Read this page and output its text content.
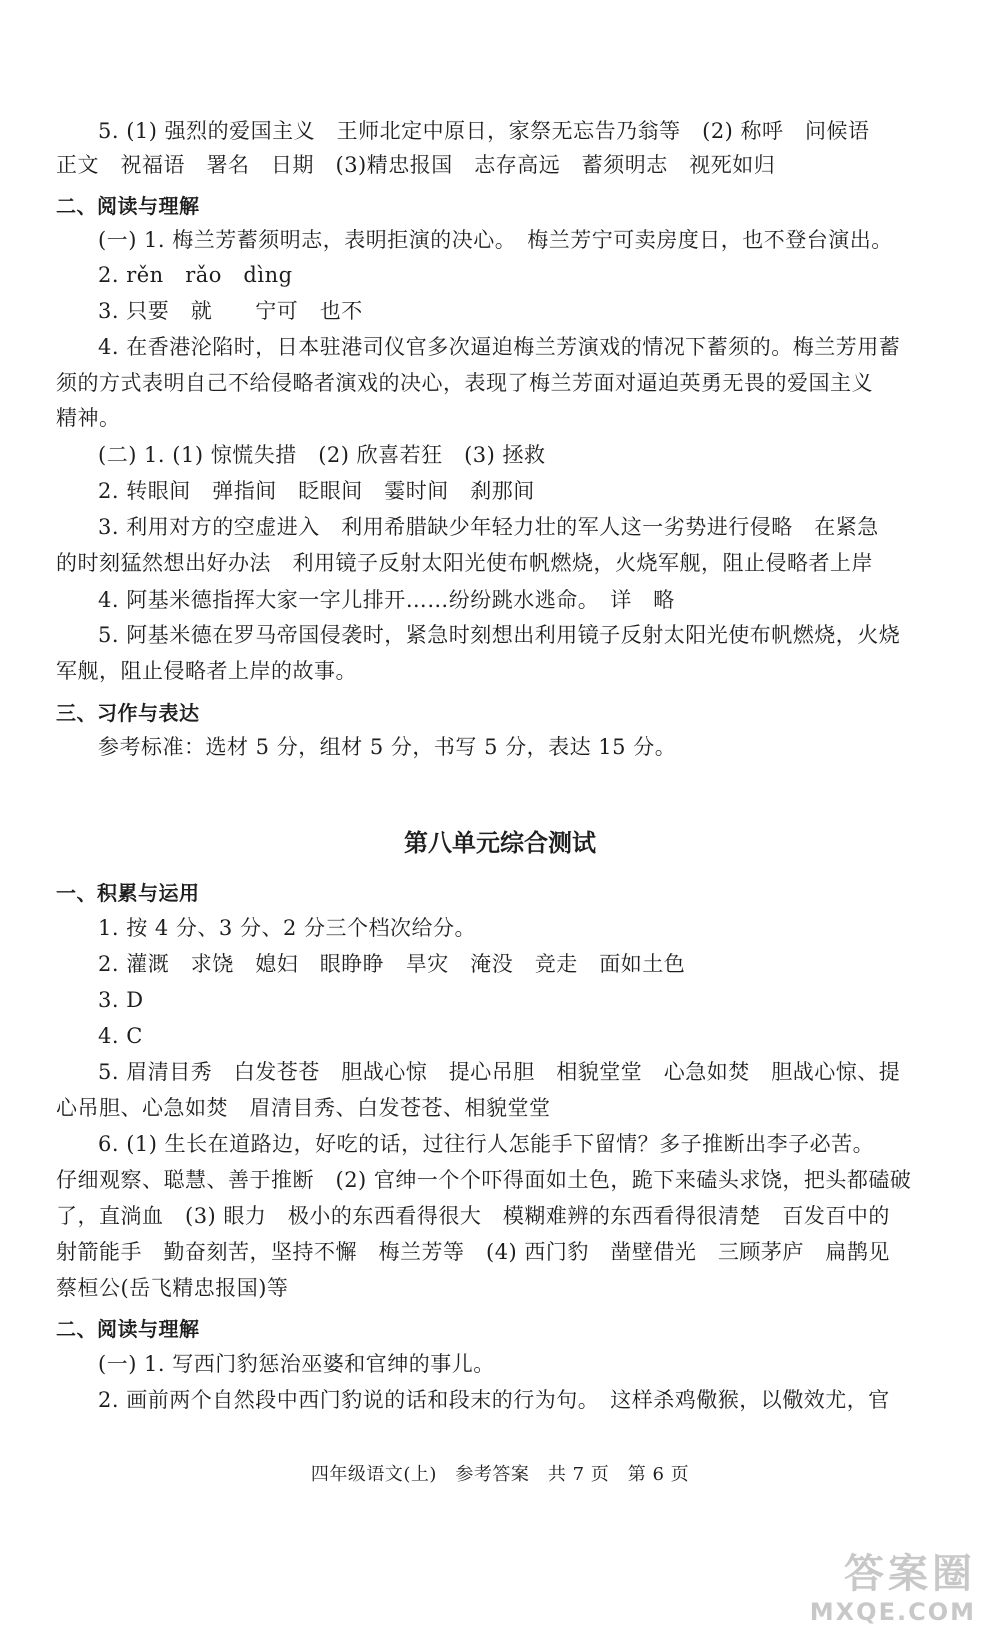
5. (1) 强烈的爱国主义　王师北定中原日，家祭无忘告乃翁等　(2) 称呼　问候语
正文　祝福语　署名　日期　(3)精忠报国　志存高远　蓄须明志　视死如归
二、阅读与理解
(一) 1. 梅兰芳蓄须明志，表明拒演的决心。　梅兰芳宁可卖房度日，也不登台演出。
2. rěn　rǎo　dìng
3. 只要　就　　宁可　也不
4. 在香港沦陷时，日本驻港司仪官多次逼迫梅兰芳演戏的情况下蓄须的。梅兰芳用蓄
须的方式表明自己不给侵略者演戏的决心，表现了梅兰芳面对逼迫英勇无畏的爱国主义
精神。
(二) 1. (1) 惊慌失措　(2) 欣喜若狂　(3) 拯救
2. 转眼间　弹指间　眨眼间　霎时间　刹那间
3. 利用对方的空虚进入　利用希腊缺少年轻力壮的军人这一劣势进行侵略　在紧急
的时刻猛然想出好办法　利用镜子反射太阳光使布帆燃烧，火烧军舰，阻止侵略者上岸
4. 阿基米德指挥大家一字儿排开……纷纷跳水逃命。　详　略
5. 阿基米德在罗马帝国侵袭时，紧急时刻想出利用镜子反射太阳光使布帆燃烧，火烧
军舰，阻止侵略者上岸的故事。
三、习作与表达
参考标准：选材 5 分，组材 5 分，书写 5 分，表达 15 分。
第八单元综合测试
一、积累与运用
1. 按 4 分、3 分、2 分三个档次给分。
2. 灌溉　求饶　媳妇　眼睁睁　旱灾　淹没　竞走　面如土色
3. D
4. C
5. 眉清目秀　白发苍苍　胆战心惊　提心吊胆　相貌堂堂　心急如焚　胆战心惊、提
心吊胆、心急如焚　眉清目秀、白发苍苍、相貌堂堂
6. (1) 生长在道路边，好吃的话，过往行人怎能手下留情？多子推断出李子必苦。
仔细观察、聪慧、善于推断　(2) 官绅一个个吓得面如土色，跪下来磕头求饶，把头都磕破
了，直淌血　(3) 眼力　极小的东西看得很大　模糊难辨的东西看得很清楚　百发百中的
射箭能手　勤奋刻苦，坚持不懈　梅兰芳等　(4) 西门豹　凿壁借光　三顾茅庐　扁鹊见
蔡桓公(岳飞精忠报国)等
二、阅读与理解
(一) 1. 写西门豹惩治巫婆和官绅的事儿。
2. 画前两个自然段中西门豹说的话和段末的行为句。　这样杀鸡儆猴，以儆效尤，官
四年级语文(上)　参考答案　共 7 页　第 6 页
答案圈
MXQE.COM
